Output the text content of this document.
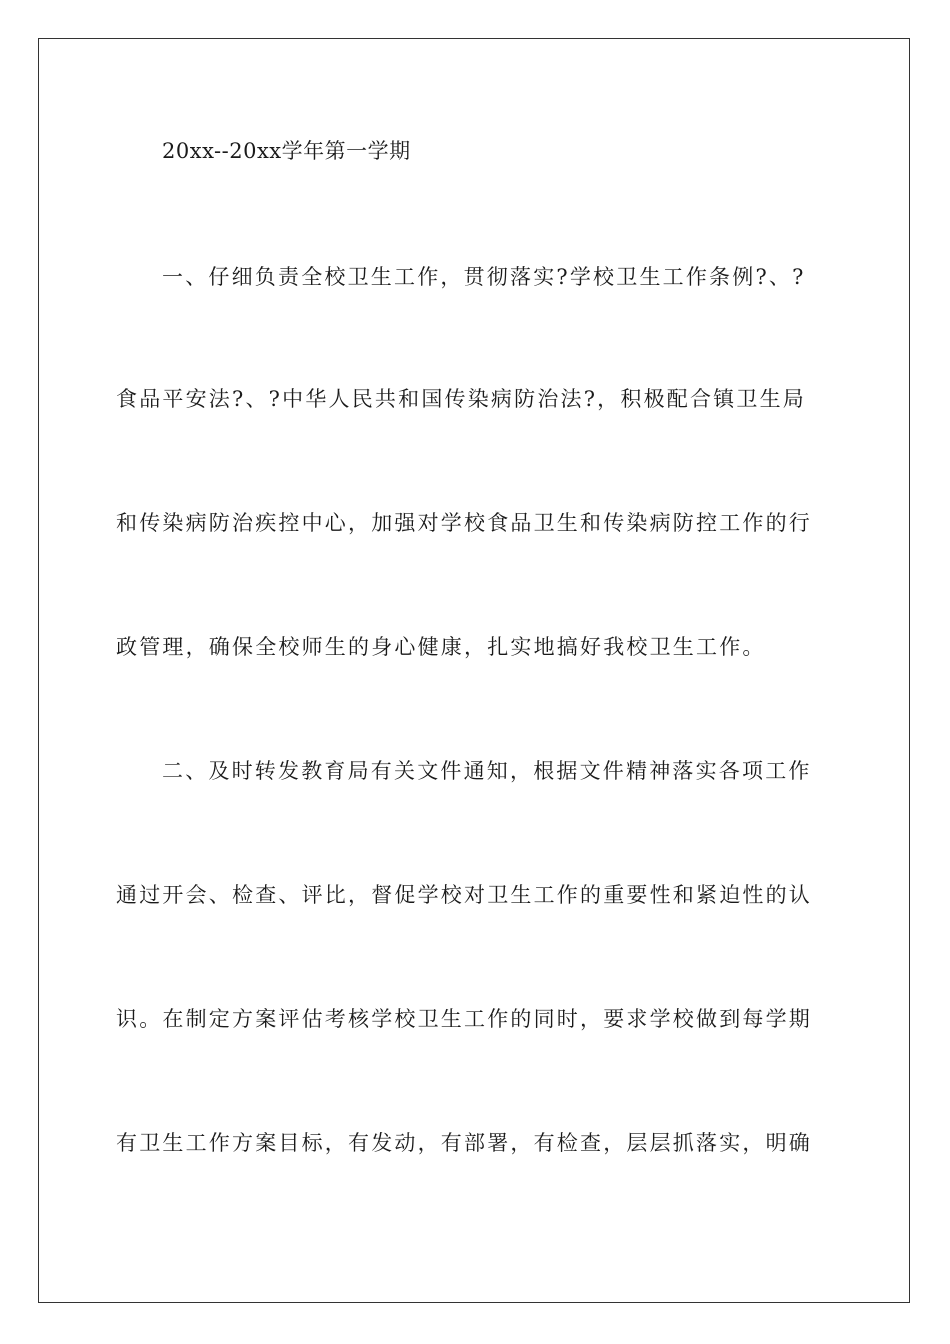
20xx--20xx学年第一学期
一、仔细负责全校卫生工作，贯彻落实?学校卫生工作条例?、?
食品平安法?、?中华人民共和国传染病防治法?，积极配合镇卫生局
和传染病防治疾控中心，加强对学校食品卫生和传染病防控工作的行
政管理，确保全校师生的身心健康，扎实地搞好我校卫生工作。
二、及时转发教育局有关文件通知，根据文件精神落实各项工作
通过开会、检查、评比，督促学校对卫生工作的重要性和紧迫性的认
识。在制定方案评估考核学校卫生工作的同时，要求学校做到每学期
有卫生工作方案目标，有发动，有部署，有检查，层层抓落实，明确
